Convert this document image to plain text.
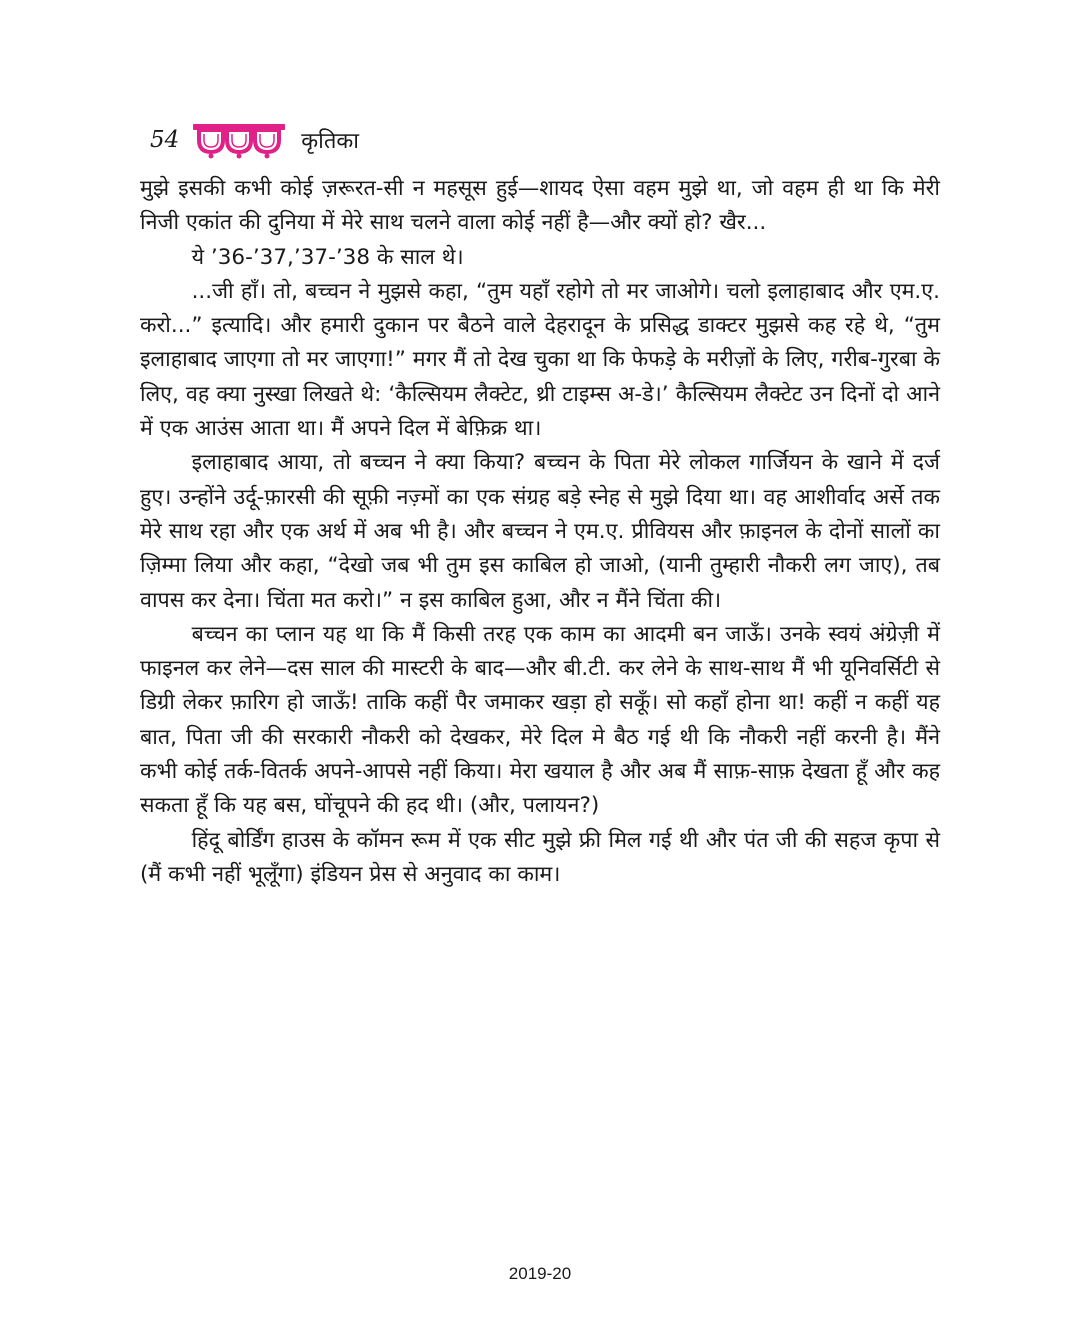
54	कृतिका

मुझे इसकी कभी कोई ज़रूरत-सी न महसूस हुई—शायद ऐसा वहम मुझे था, जो वहम ही था कि मेरी निजी एकांत की दुनिया में मेरे साथ चलने वाला कोई नहीं है—और क्यों हो? खैर...

ये ’36-’37,’37-’38 के साल थे।

...जी हाँ। तो, बच्चन ने मुझसे कहा, “तुम यहाँ रहोगे तो मर जाओगे। चलो इलाहाबाद और एम.ए. करो...” इत्यादि। और हमारी दुकान पर बैठने वाले देहरादून के प्रसिद्ध डाक्टर मुझसे कह रहे थे, “तुम इलाहाबाद जाएगा तो मर जाएगा!” मगर मैं तो देख चुका था कि फेफड़े के मरीज़ों के लिए, गरीब-गुरबा के लिए, वह क्या नुस्खा लिखते थे: ‘कैल्सियम लैक्टेट, थ्री टाइम्स अ-डे।’ कैल्सियम लैक्टेट उन दिनों दो आने में एक आउंस आता था। मैं अपने दिल में बेफ़िक्र था।

इलाहाबाद आया, तो बच्चन ने क्या किया? बच्चन के पिता मेरे लोकल गार्जियन के खाने में दर्ज हुए। उन्होंने उर्दू-फ़ारसी की सूफ़ी नज़्मों का एक संग्रह बड़े स्नेह से मुझे दिया था। वह आशीर्वाद अर्से तक मेरे साथ रहा और एक अर्थ में अब भी है। और बच्चन ने एम.ए. प्रीवियस और फ़ाइनल के दोनों सालों का ज़िम्मा लिया और कहा, “देखो जब भी तुम इस काबिल हो जाओ, (यानी तुम्हारी नौकरी लग जाए), तब वापस कर देना। चिंता मत करो।” न इस काबिल हुआ, और न मैंने चिंता की।

बच्चन का प्लान यह था कि मैं किसी तरह एक काम का आदमी बन जाऊँ। उनके स्वयं अंग्रेज़ी में फाइनल कर लेने—दस साल की मास्टरी के बाद—और बी.टी. कर लेने के साथ-साथ मैं भी यूनिवर्सिटी से डिग्री लेकर फ़ारिग हो जाऊँ! ताकि कहीं पैर जमाकर खड़ा हो सकूँ। सो कहाँ होना था! कहीं न कहीं यह बात, पिता जी की सरकारी नौकरी को देखकर, मेरे दिल मे बैठ गई थी कि नौकरी नहीं करनी है। मैंने कभी कोई तर्क-वितर्क अपने-आपसे नहीं किया। मेरा खयाल है और अब मैं साफ़-साफ़ देखता हूँ और कह सकता हूँ कि यह बस, घोंचूपने की हद थी। (और, पलायन?)

हिंदू बोर्डिंग हाउस के कॉमन रूम में एक सीट मुझे फ्री मिल गई थी और पंत जी की सहज कृपा से (मैं कभी नहीं भूलूँगा) इंडियन प्रेस से अनुवाद का काम।

2019-20
